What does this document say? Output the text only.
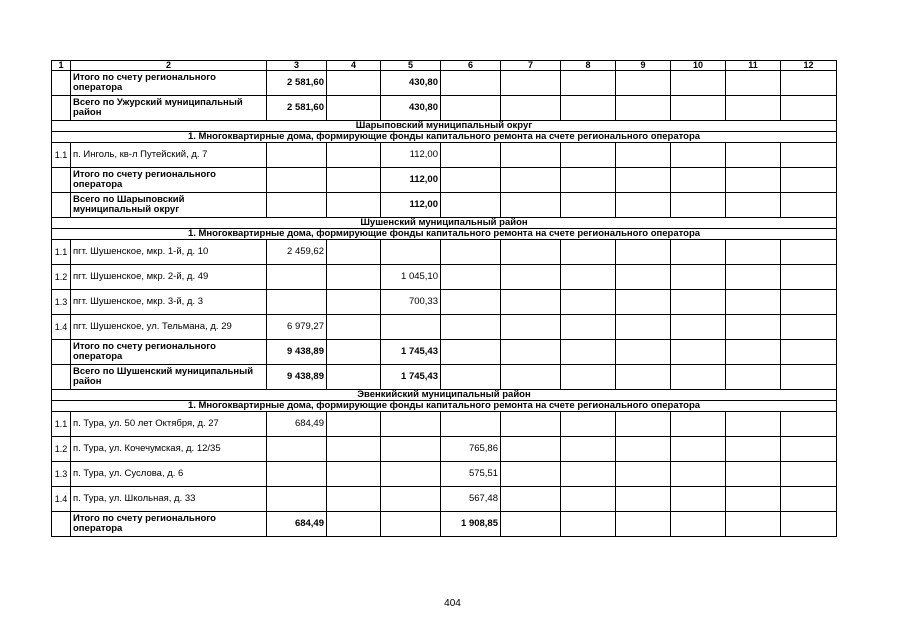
1	2	3	4	5	6	7	8	9	10	11	12
	Итого по счету регионального оператора	2 581,60		430,80							
	Всего по Ужурский муниципальный район	2 581,60		430,80							
Шарыповский муниципальный округ											
1. Многоквартирные дома, формирующие фонды капитального ремонта на счете регионального оператора											
1.1	п. Инголь, кв-л Путейский, д. 7			112,00							
	Итого по счету регионального оператора			112,00							
	Всего по Шарыповский муниципальный округ			112,00							
Шушенский муниципальный район											
1. Многоквартирные дома, формирующие фонды капитального ремонта на счете регионального оператора											
1.1	пгт. Шушенское, мкр. 1-й, д. 10	2 459,62									
1.2	пгт. Шушенское, мкр. 2-й, д. 49			1 045,10							
1.3	пгт. Шушенское, мкр. 3-й, д. 3			700,33							
1.4	пгт. Шушенское, ул. Тельмана, д. 29	6 979,27									
	Итого по счету регионального оператора	9 438,89		1 745,43							
	Всего по Шушенский муниципальный район	9 438,89		1 745,43							
Эвенкийский муниципальный район											
1. Многоквартирные дома, формирующие фонды капитального ремонта на счете регионального оператора											
1.1	п. Тура, ул. 50 лет Октября, д. 27	684,49									
1.2	п. Тура, ул. Кочечумская, д. 12/35				765,86						
1.3	п. Тура, ул. Суслова, д. 6				575,51						
1.4	п. Тура, ул. Школьная, д. 33				567,48						
	Итого по счету регионального оператора	684,49			1 908,85						
404
